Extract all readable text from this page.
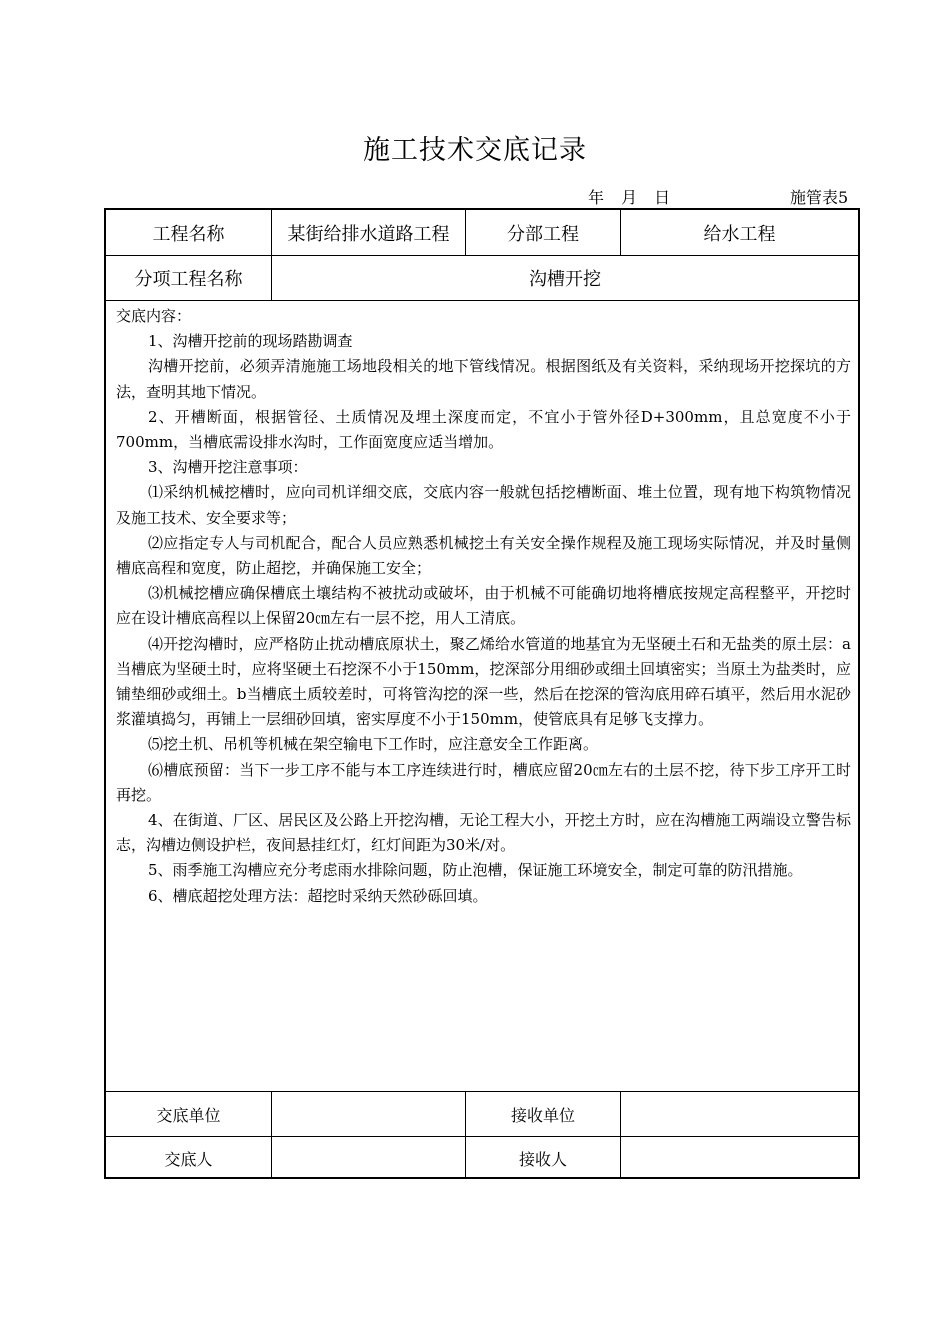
施工技术交底记录
年 月 日	施管表5
工程名称	某街给排水道路工程	分部工程	给水工程
分项工程名称	沟槽开挖
交底内容：

1、沟槽开挖前的现场踏勘调查

沟槽开挖前，必须弄清施施工场地段相关的地下管线情况。根据图纸及有关资料，采纳现场开挖探坑的方法，查明其地下情况。

2、开槽断面，根据管径、土质情况及埋土深度而定，不宜小于管外径D+300mm，且总宽度不小于700mm，当槽底需设排水沟时，工作面宽度应适当增加。

3、沟槽开挖注意事项：

⑴采纳机械挖槽时，应向司机详细交底，交底内容一般就包括挖槽断面、堆土位置，现有地下构筑物情况及施工技术、安全要求等；

⑵应指定专人与司机配合，配合人员应熟悉机械挖土有关安全操作规程及施工现场实际情况，并及时量侧槽底高程和宽度，防止超挖，并确保施工安全；

⑶机械挖槽应确保槽底土壤结构不被扰动或破坏，由于机械不可能确切地将槽底按规定高程整平，开挖时应在设计槽底高程以上保留20㎝左右一层不挖，用人工清底。

⑷开挖沟槽时，应严格防止扰动槽底原状土，聚乙烯给水管道的地基宜为无坚硬土石和无盐类的原土层：a当槽底为坚硬土时，应将坚硬土石挖深不小于150mm，挖深部分用细砂或细土回填密实；当原土为盐类时，应铺垫细砂或细土。b当槽底土质较差时，可将管沟挖的深一些，然后在挖深的管沟底用碎石填平，然后用水泥砂浆灌填捣匀，再铺上一层细砂回填，密实厚度不小于150mm，使管底具有足够飞支撑力。

⑸挖土机、吊机等机械在架空输电下工作时，应注意安全工作距离。

⑹槽底预留：当下一步工序不能与本工序连续进行时，槽底应留20㎝左右的土层不挖，待下步工序开工时再挖。

4、在街道、厂区、居民区及公路上开挖沟槽，无论工程大小，开挖土方时，应在沟槽施工两端设立警告标志，沟槽边侧设护栏，夜间悬挂红灯，红灯间距为30米/对。

5、雨季施工沟槽应充分考虑雨水排除问题，防止泡槽，保证施工环境安全，制定可靠的防汛措施。

6、槽底超挖处理方法：超挖时采纳天然砂砾回填。

交底单位	接收单位
交底人	接收人
